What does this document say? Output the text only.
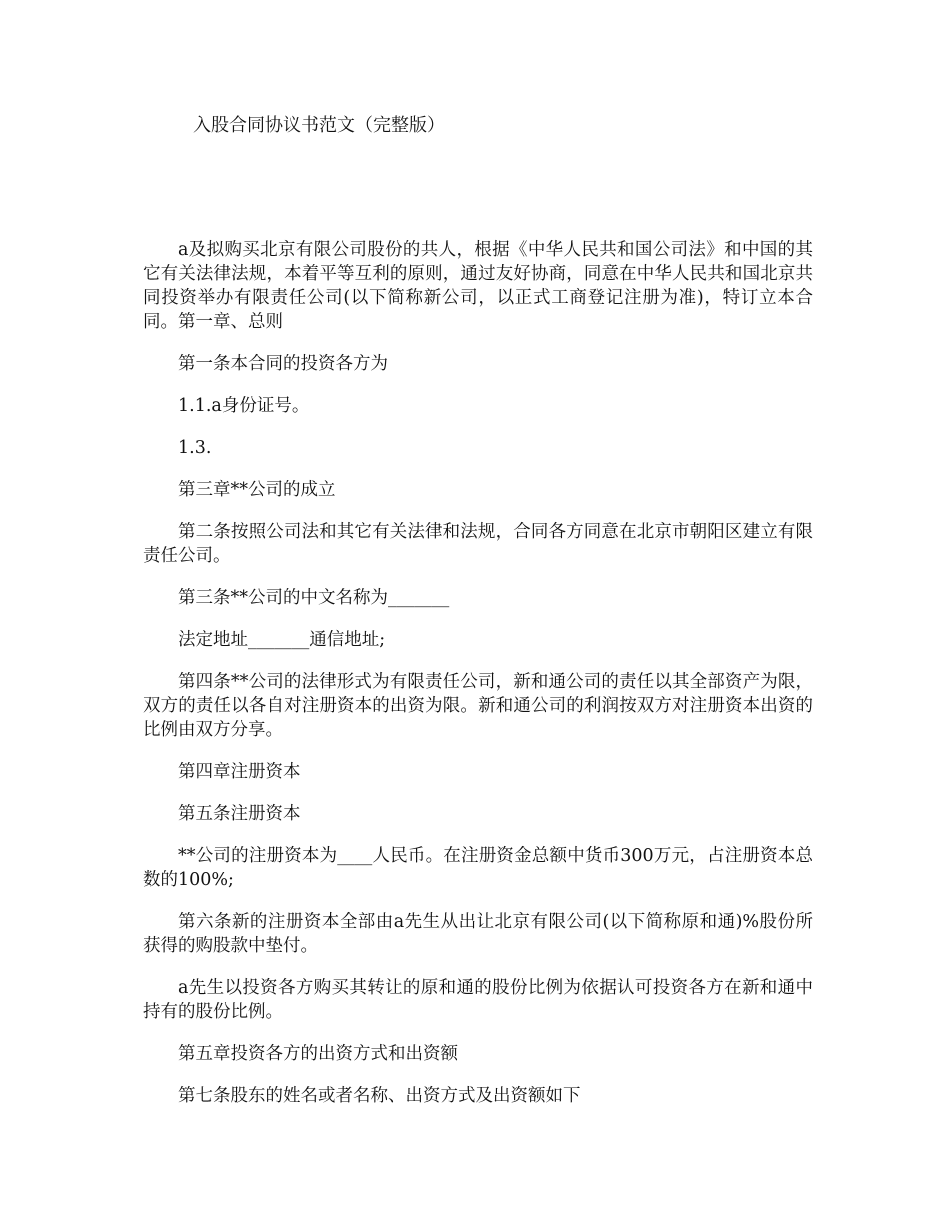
入股合同协议书范文（完整版）

a及拟购买北京有限公司股份的共人，根据《中华人民共和国公司法》和中国的其它有关法律法规，本着平等互利的原则，通过友好协商，同意在中华人民共和国北京共同投资举办有限责任公司(以下简称新公司，以正式工商登记注册为准)，特订立本合同。第一章、总则

第一条本合同的投资各方为

1.1.a身份证号。

1.3.

第三章**公司的成立

第二条按照公司法和其它有关法律和法规，合同各方同意在北京市朝阳区建立有限责任公司。

第三条**公司的中文名称为_______

法定地址_______通信地址;

第四条**公司的法律形式为有限责任公司，新和通公司的责任以其全部资产为限，双方的责任以各自对注册资本的出资为限。新和通公司的利润按双方对注册资本出资的比例由双方分享。

第四章注册资本

第五条注册资本

**公司的注册资本为____人民币。在注册资金总额中货币300万元，占注册资本总数的100%;

第六条新的注册资本全部由a先生从出让北京有限公司(以下简称原和通)%股份所获得的购股款中垫付。

a先生以投资各方购买其转让的原和通的股份比例为依据认可投资各方在新和通中持有的股份比例。

第五章投资各方的出资方式和出资额

第七条股东的姓名或者名称、出资方式及出资额如下
